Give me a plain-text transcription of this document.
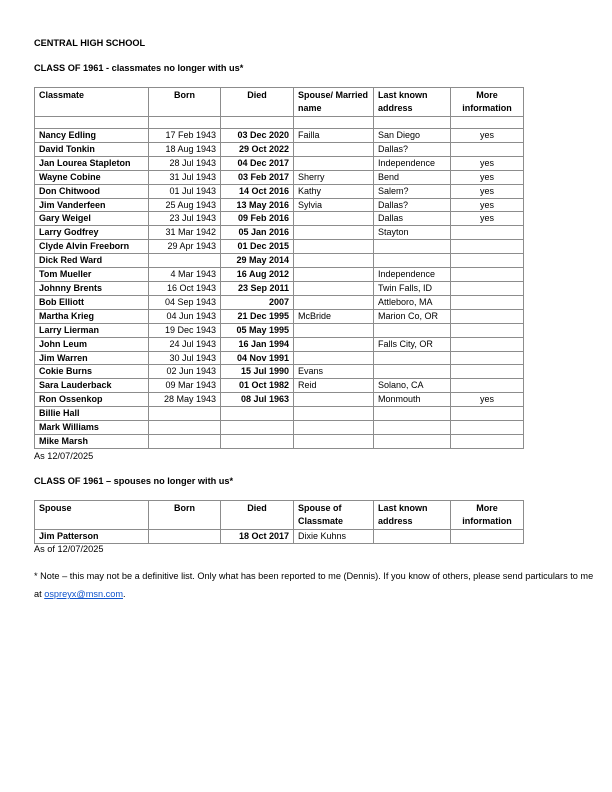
CENTRAL HIGH SCHOOL
CLASS OF 1961 - classmates no longer with us*
Classmate	Born	Died	Spouse/ Married name	Last known address	More information

Nancy Edling	17 Feb 1943	03 Dec 2020	Failla	San Diego	yes
David Tonkin	18 Aug 1943	29 Oct 2022		Dallas?	
Jan Lourea Stapleton	28 Jul 1943	04 Dec 2017		Independence	yes
Wayne Cobine	31 Jul 1943	03 Feb 2017	Sherry	Bend	yes
Don Chitwood	01 Jul 1943	14 Oct 2016	Kathy	Salem?	yes
Jim Vanderfeen	25 Aug 1943	13 May 2016	Sylvia	Dallas?	yes
Gary Weigel	23 Jul 1943	09 Feb 2016		Dallas	yes
Larry Godfrey	31 Mar 1942	05 Jan 2016		Stayton	
Clyde Alvin Freeborn	29 Apr 1943	01 Dec 2015			
Dick Red Ward		29 May 2014			
Tom Mueller	4 Mar 1943	16 Aug 2012		Independence	
Johnny Brents	16 Oct 1943	23 Sep 2011		Twin Falls, ID	
Bob Elliott	04 Sep 1943	2007		Attleboro, MA	
Martha Krieg	04 Jun 1943	21 Dec 1995	McBride	Marion Co, OR	
Larry Lierman	19 Dec 1943	05 May 1995			
John Leum	24 Jul 1943	16 Jan 1994		Falls City, OR	
Jim Warren	30 Jul 1943	04 Nov 1991			
Cokie Burns	02 Jun 1943	15 Jul 1990	Evans		
Sara Lauderback	09 Mar 1943	01 Oct 1982	Reid	Solano, CA	
Ron Ossenkop	28 May 1943	08 Jul 1963		Monmouth	yes
Billie Hall					
Mark Williams					
Mike Marsh					
As 12/07/2025
CLASS OF 1961 – spouses no longer with us*
Spouse	Born	Died	Spouse of Classmate	Last known address	More information
Jim Patterson		18 Oct 2017	Dixie Kuhns		
As of 12/07/2025
* Note – this may not be a definitive list. Only what has been reported to me (Dennis). If you know of others, please send particulars to me at ospreyx@msn.com.
